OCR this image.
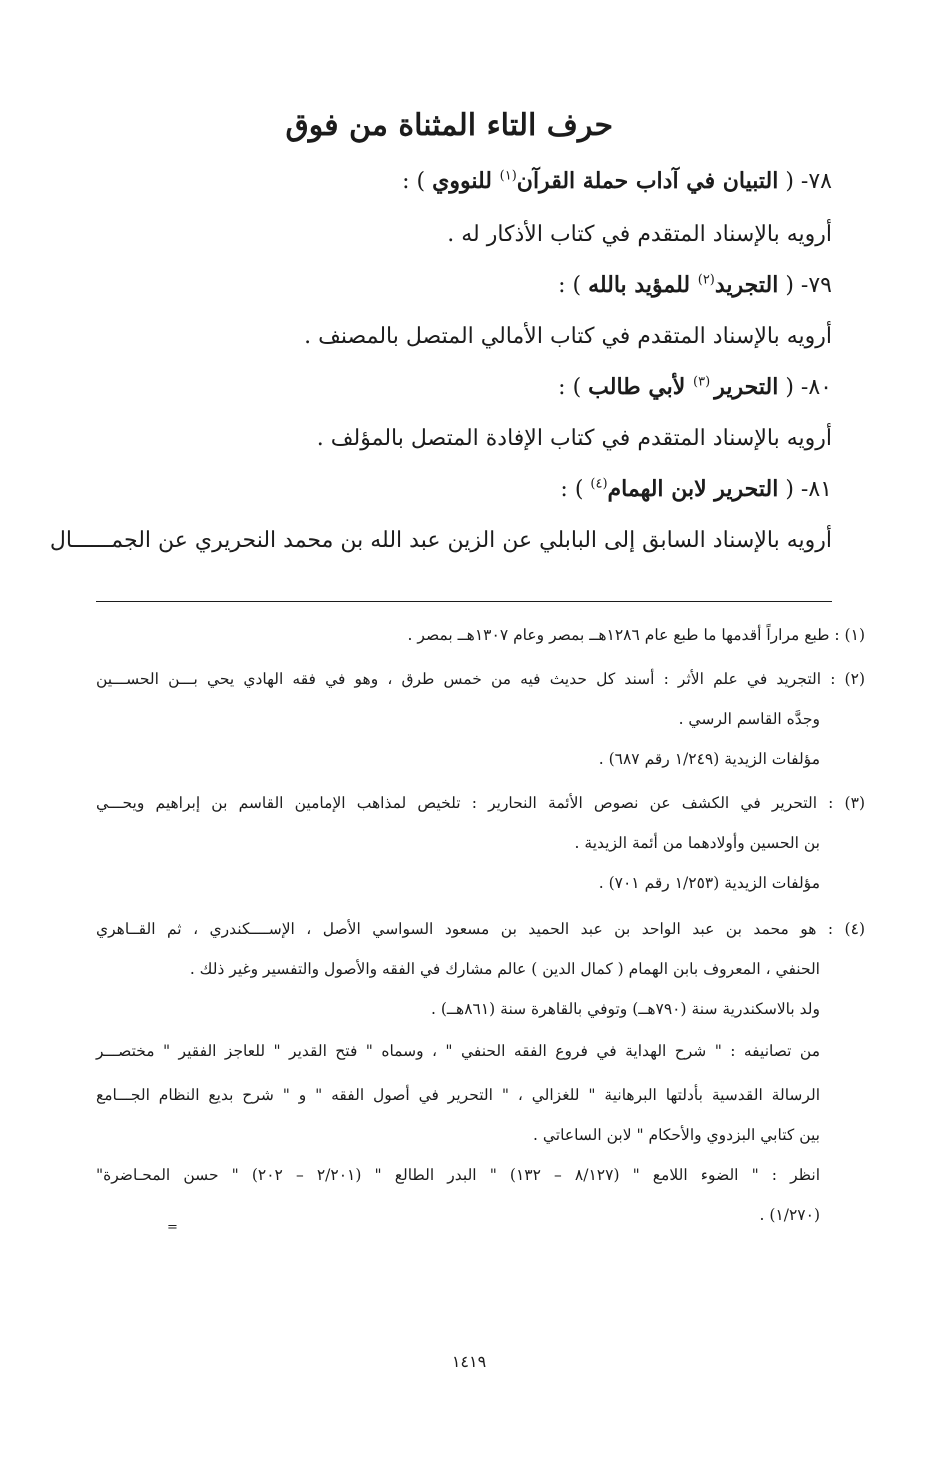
حرف التاء المثناة من فوق
٧٨- ( التبيان في آداب حملة القرآن$^{(١)}$ للنووي ) :
أرويه بالإسناد المتقدم في كتاب الأذكار له .
٧٩- ( التجريد$^{(٢)}$ للمؤيد بالله ) :
أرويه بالإسناد المتقدم في كتاب الأمالي المتصل بالمصنف .
٨٠- ( التحرير $^{(٣)}$ لأبي طالب ) :
أرويه بالإسناد المتقدم في كتاب الإفادة المتصل بالمؤلف .
٨١- ( التحرير لابن الهمام$^{(٤)}$ ) :
أرويه بالإسناد السابق إلى البابلي عن الزين عبد الله بن محمد النحريري عن الجمــــــال
(١) : طبع مراراً أقدمها ما طبع عام ١٢٨٦هــ بمصر وعام ١٣٠٧هــ بمصر .
(٢) : التجريد في علم الأثر : أسند كل حديث فيه من خمس طرق ، وهو في فقه الهادي يحي بـــن الحســـين
وجدَّه القاسم الرسي .
مؤلفات الزيدية (١/٢٤٩ رقم ٦٨٧) .
(٣) : التحرير في الكشف عن نصوص الأئمة النحارير : تلخيص لمذاهب الإمامين القاسم بن إبراهيم ويحـــي
بن الحسين وأولادهما من أئمة الزيدية .
مؤلفات الزيدية (١/٢٥٣ رقم ٧٠١) .
(٤) : هو محمد بن عبد الواحد بن عبد الحميد بن مسعود السواسي الأصل ، الإســــكندري ، ثم القــاهري
الحنفي ، المعروف بابن الهمام ( كمال الدين ) عالم مشارك في الفقه والأصول والتفسير وغير ذلك .
ولد بالاسكندرية سنة (٧٩٠هــ) وتوفي بالقاهرة سنة (٨٦١هــ) .
من تصانيفه : " شرح الهداية في فروع الفقه الحنفي " ، وسماه " فتح القدير " للعاجز الفقير " مختصـــر
الرسالة القدسية بأدلتها البرهانية " للغزالي ، " التحرير في أصول الفقه " و " شرح بديع النظام الجـــامع
بين كتابي البزدوي والأحكام " لابن الساعاتي .
انظر : " الضوء اللامع " (٨/١٢٧ – ١٣٢) " البدر الطالع " (٢/٢٠١ – ٢٠٢) " حسن المحـاضرة"
(١/٢٧٠) .
=
١٤١٩
